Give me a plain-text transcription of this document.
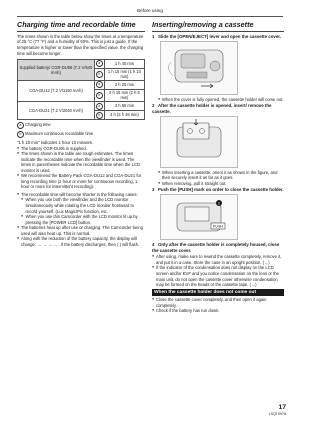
Before using
Charging time and recordable time

The times shown in the table below show the times at a temperature of 25 °C (77 °F) and a humidity of 60%. This is just a guide. If the temperature is higher or lower than the specified value, the charging time will become longer.

Supplied battery/ CGR-DU06 (7.2 V/640 mAh)	a	1 h 40 min
	b	1 h 15 min (1 h 10 min)
CGA-DU12 (7.2 V/1150 mAh)	a	2 h 25 min
	b	2 h 15 min (2 h 5 min)
CGA-DU21 (7.2 V/2040 mAh)	a	3 h 55 min
	b	4 h (3 h 45 min)
a Charging time
b Maximum continuous recordable time

"1 h 10 min" indicates 1 hour 10 minutes.

● The battery CGR-DU06 is supplied.
● The times shown in the table are rough estimates. The times indicate the recordable time when the viewfinder is used. The times in parentheses indicate the recordable time when the LCD monitor is used.
● We recommend the Battery Pack CGA-DU12 and CGA-DU21 for long recording time (2 hour or more for continuous recording, 1 hour or more for intermittent recording).
● The recordable time will become shorter in the following cases:
● When you use both the viewfinder and the LCD monitor simultaneously while rotating the LCD monitor frontward to record yourself. (Lux Magic/Pix function, etc.
● When you use this Camcorder with the LCD monitor lit up by pressing the [POWER LCD] button.
● The batteries heat up after use or charging. The Camcorder being used will also heat up. This is normal.
● Along with the reduction of the battery capacity, the display will change: → → → → . If the battery discharges, then ( ) will flash.
Inserting/removing a cassette
1 Slide the [OPEN/EJECT] lever and open the cassette cover.
● When the cover is fully opened, the cassette holder will come out.
2 After the cassette holder is opened, insert/ remove the cassette.
● When inserting a cassette, orient it as shown in the figure, and then securely insert it as far as it goes.
● When removing, pull it straight out.
3 Push the [PUSH] mark on order to close the cassette holder.
1
PUSH
4 Only after the cassette holder is completely housed, close the cassette cover.
● After using, make sure to rewind the cassette completely, remove it, and put it in a case. Store the case in an upright position. (→)
● If the indicator of the condensation does not display on the LCD screen and/or EVF and you notice condensation on the lens or the main unit, do not open the cassette cover otherwise condensation may be formed on the heads or the cassette tape. (→)
When the cassette holder does not come out
● Close the cassette cover completely, and then open it again completely.
● Check if the battery has run down.
17
LSQT0975
